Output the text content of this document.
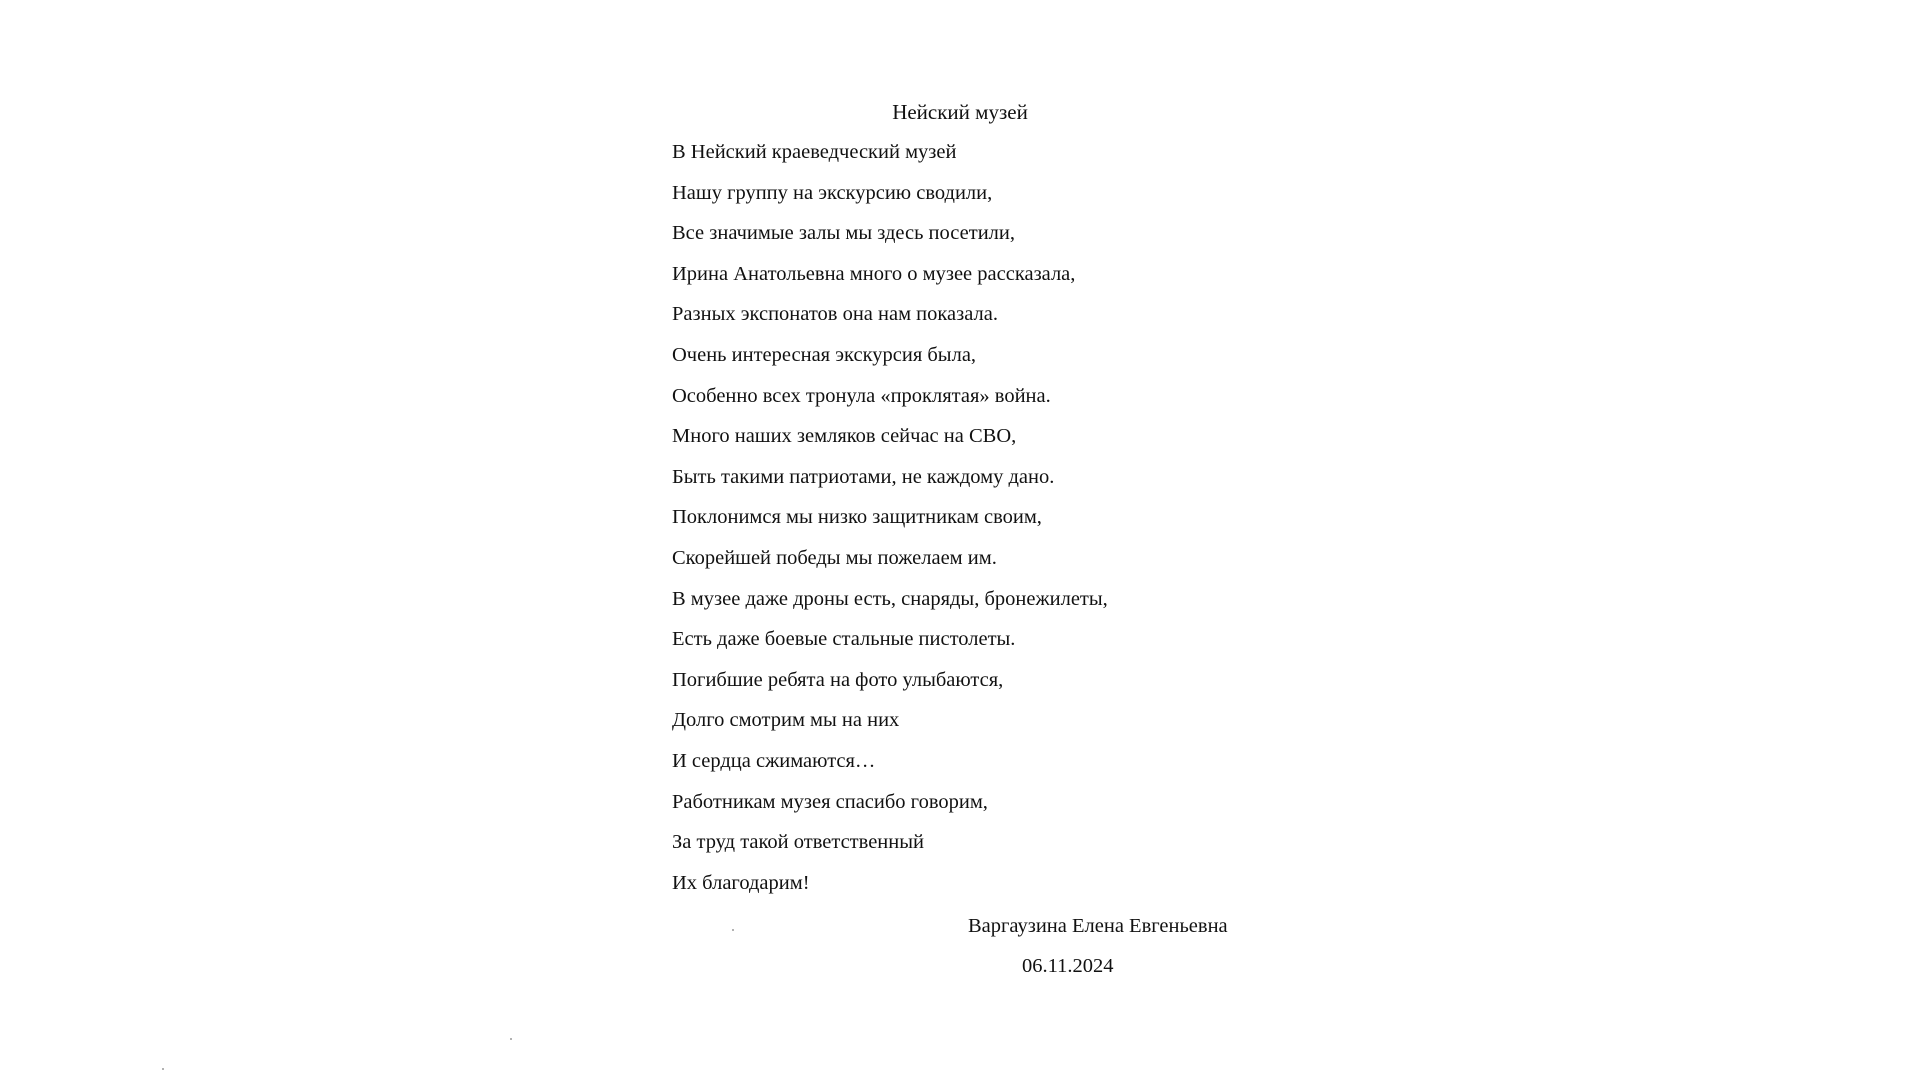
Нейский музей
В Нейский краеведческий музей
Нашу группу на экскурсию сводили,
Все значимые залы мы здесь посетили,
Ирина Анатольевна много о музее рассказала,
Разных экспонатов она нам показала.
Очень интересная экскурсия была,
Особенно всех тронула «проклятая» война.
Много наших земляков сейчас на СВО,
Быть такими патриотами, не каждому дано.
Поклонимся мы низко защитникам своим,
Скорейшей победы мы пожелаем им.
В музее даже дроны есть, снаряды, бронежилеты,
Есть даже боевые стальные пистолеты.
Погибшие ребята на фото улыбаются,
Долго смотрим мы на них
И сердца сжимаются…
Работникам музея спасибо говорим,
За труд такой ответственный
Их благодарим!
Варгаузина Елена Евгеньевна
06.11.2024
